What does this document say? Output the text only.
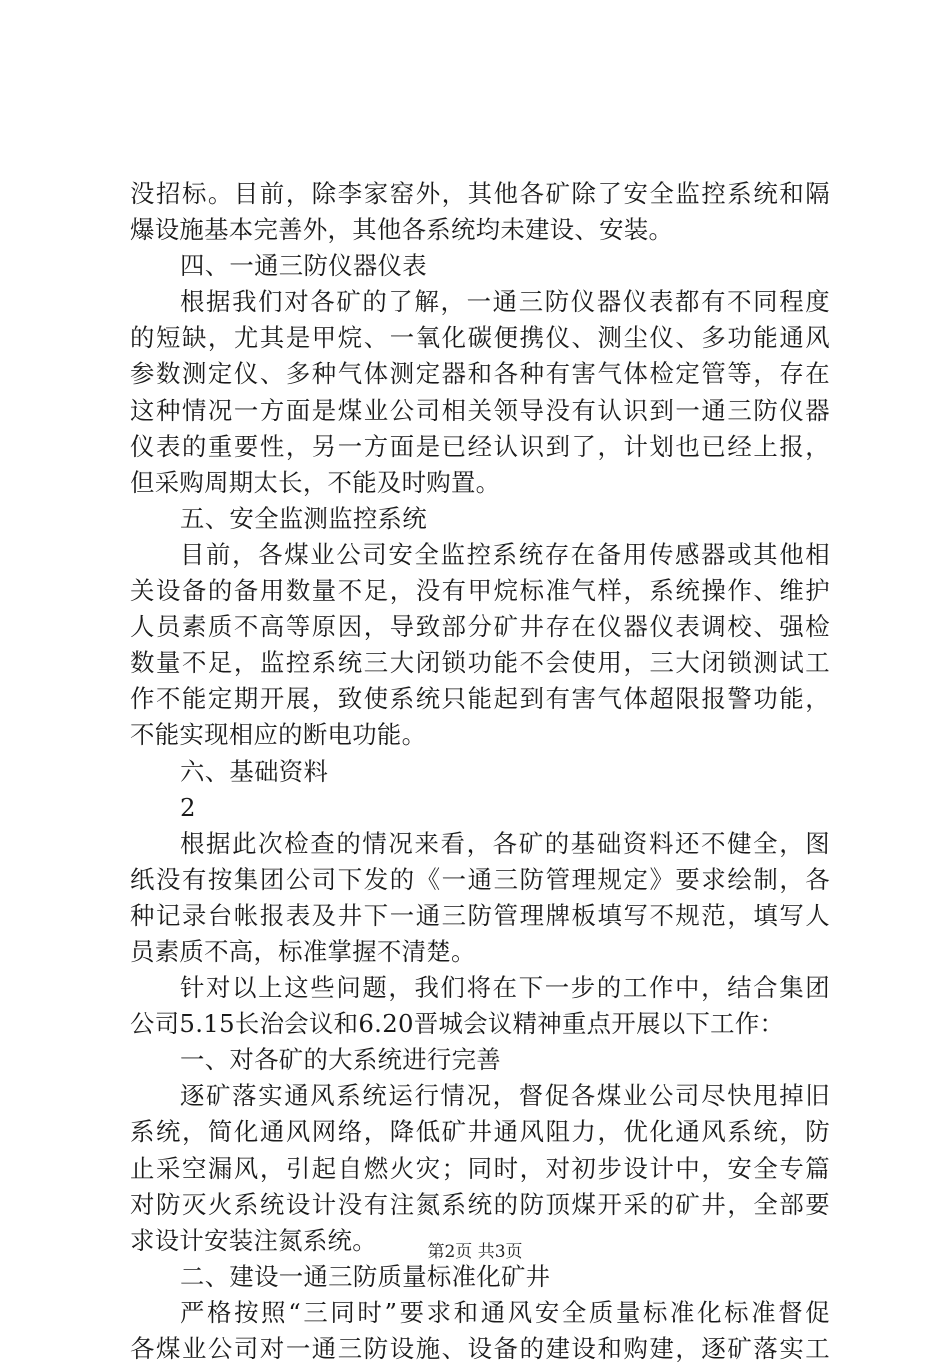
没招标。目前，除李家窑外，其他各矿除了安全监控系统和隔
爆设施基本完善外，其他各系统均未建设、安装。
四、一通三防仪器仪表
根据我们对各矿的了解，一通三防仪器仪表都有不同程度
的短缺，尤其是甲烷、一氧化碳便携仪、测尘仪、多功能通风
参数测定仪、多种气体测定器和各种有害气体检定管等，存在
这种情况一方面是煤业公司相关领导没有认识到一通三防仪器
仪表的重要性，另一方面是已经认识到了，计划也已经上报，
但采购周期太长，不能及时购置。
五、安全监测监控系统
目前，各煤业公司安全监控系统存在备用传感器或其他相
关设备的备用数量不足，没有甲烷标准气样，系统操作、维护
人员素质不高等原因，导致部分矿井存在仪器仪表调校、强检
数量不足，监控系统三大闭锁功能不会使用，三大闭锁测试工
作不能定期开展，致使系统只能起到有害气体超限报警功能，
不能实现相应的断电功能。
六、基础资料
2
根据此次检查的情况来看，各矿的基础资料还不健全，图
纸没有按集团公司下发的《一通三防管理规定》要求绘制，各
种记录台帐报表及井下一通三防管理牌板填写不规范，填写人
员素质不高，标准掌握不清楚。
针对以上这些问题，我们将在下一步的工作中，结合集团
公司5.15长治会议和6.20晋城会议精神重点开展以下工作：
一、对各矿的大系统进行完善
逐矿落实通风系统运行情况，督促各煤业公司尽快甩掉旧
系统，简化通风网络，降低矿井通风阻力，优化通风系统，防
止采空漏风，引起自燃火灾；同时，对初步设计中，安全专篇
对防灭火系统设计没有注氮系统的防顶煤开采的矿井，全部要
求设计安装注氮系统。
二、建设一通三防质量标准化矿井
严格按照“三同时”要求和通风安全质量标准化标准督促
各煤业公司对一通三防设施、设备的建设和购建，逐矿落实工
第2页 共3页
